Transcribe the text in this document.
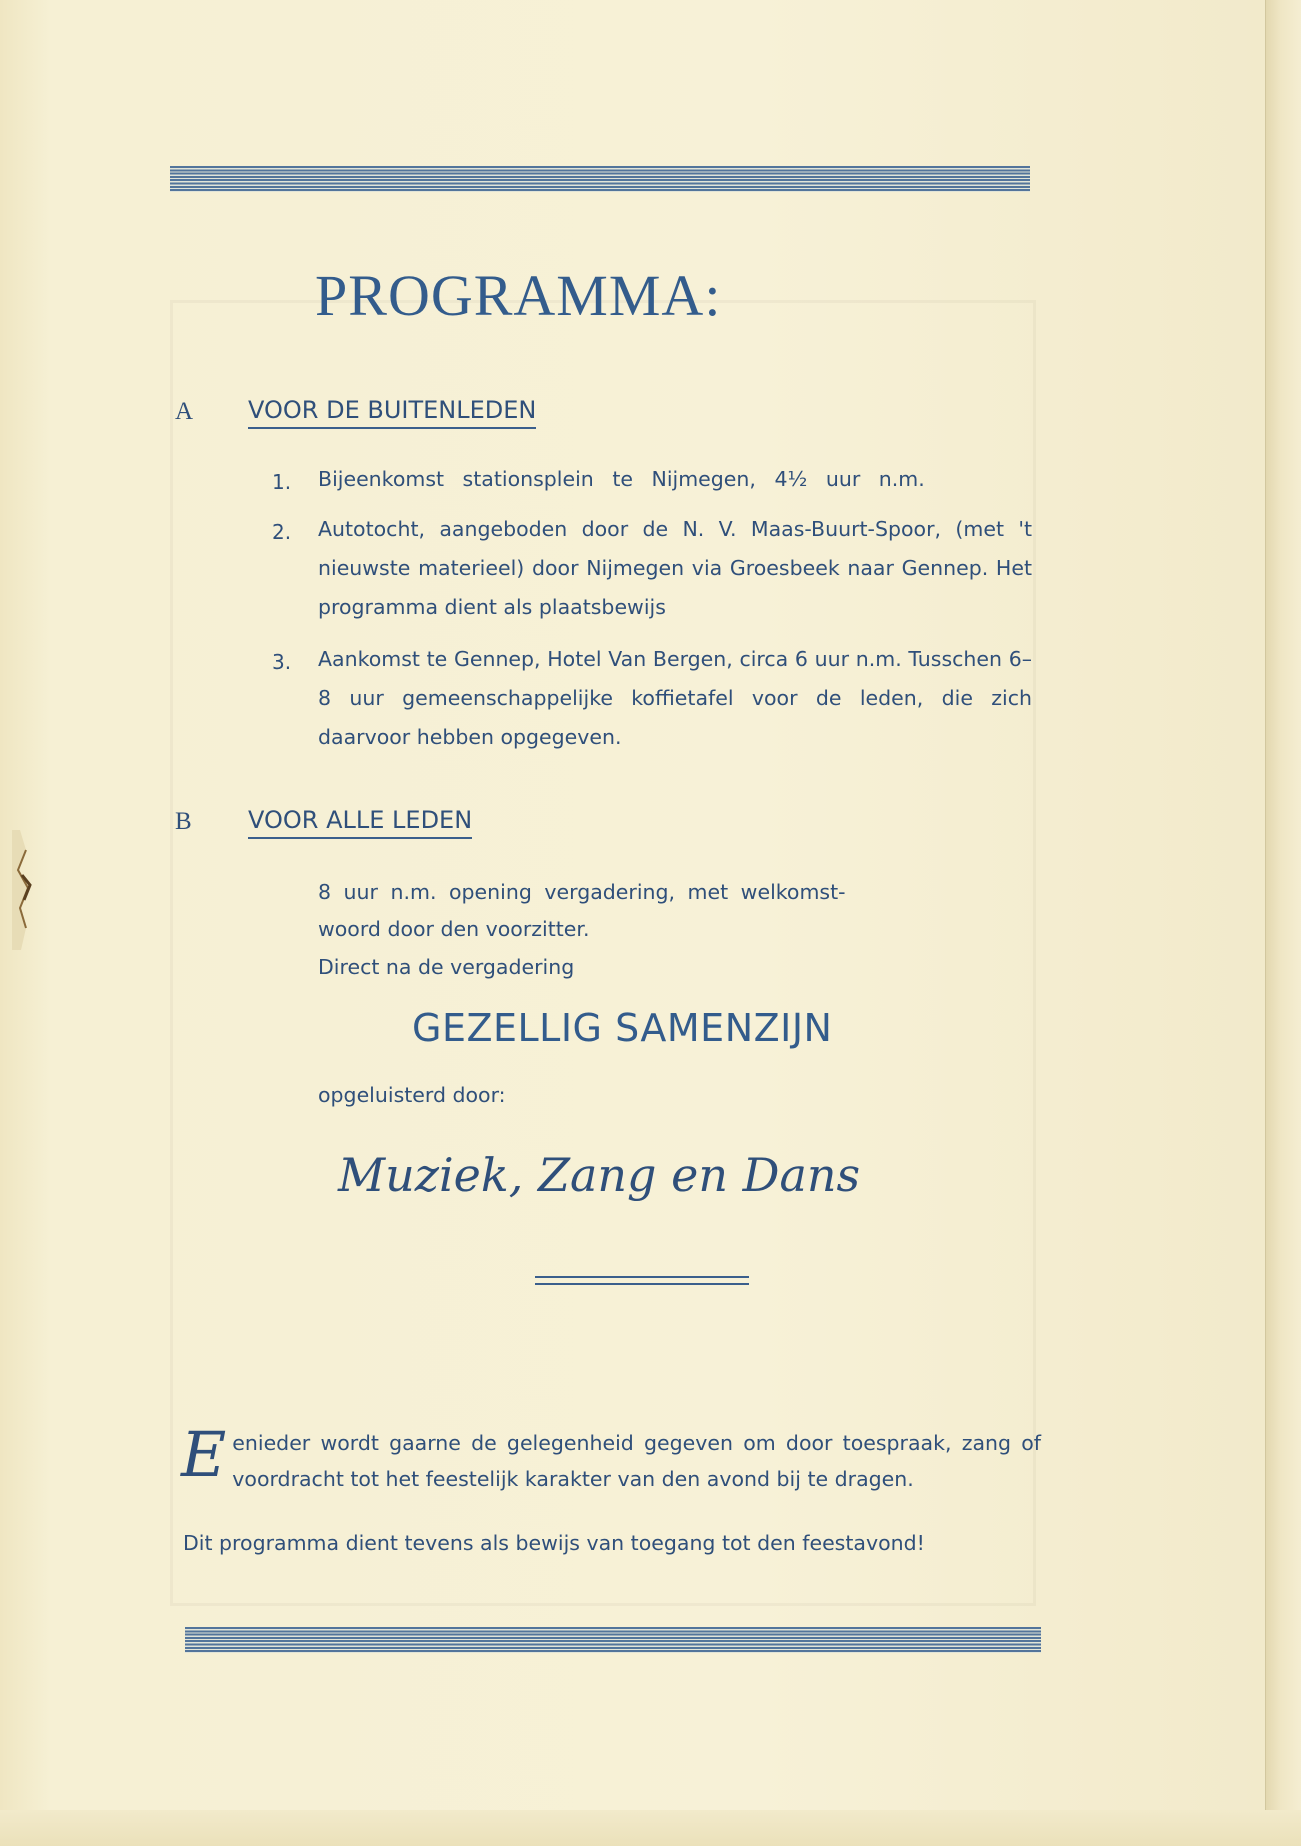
PROGRAMMA:
A VOOR DE BUITENLEDEN
1. Bijeenkomst stationsplein te Nijmegen, 4½ uur n.m.
2. Autotocht, aangeboden door de N. V. Maas-Buurt-Spoor, (met 't nieuwste materieel) door Nijmegen via Groesbeek naar Gennep. Het programma dient als plaatsbewijs
3. Aankomst te Gennep, Hotel Van Bergen, circa 6 uur n.m. Tusschen 6–8 uur gemeenschappelijke koffietafel voor de leden, die zich daarvoor hebben opgegeven.
B VOOR ALLE LEDEN
8 uur n.m. opening vergadering, met welkomst-
woord door den voorzitter.
Direct na de vergadering
GEZELLIG SAMENZIJN
opgeluisterd door:
Muziek, Zang en Dans
E enieder wordt gaarne de gelegenheid gegeven om door toespraak, zang of voordracht tot het feestelijk karakter van den avond bij te dragen.
Dit programma dient tevens als bewijs van toegang tot den feestavond!
